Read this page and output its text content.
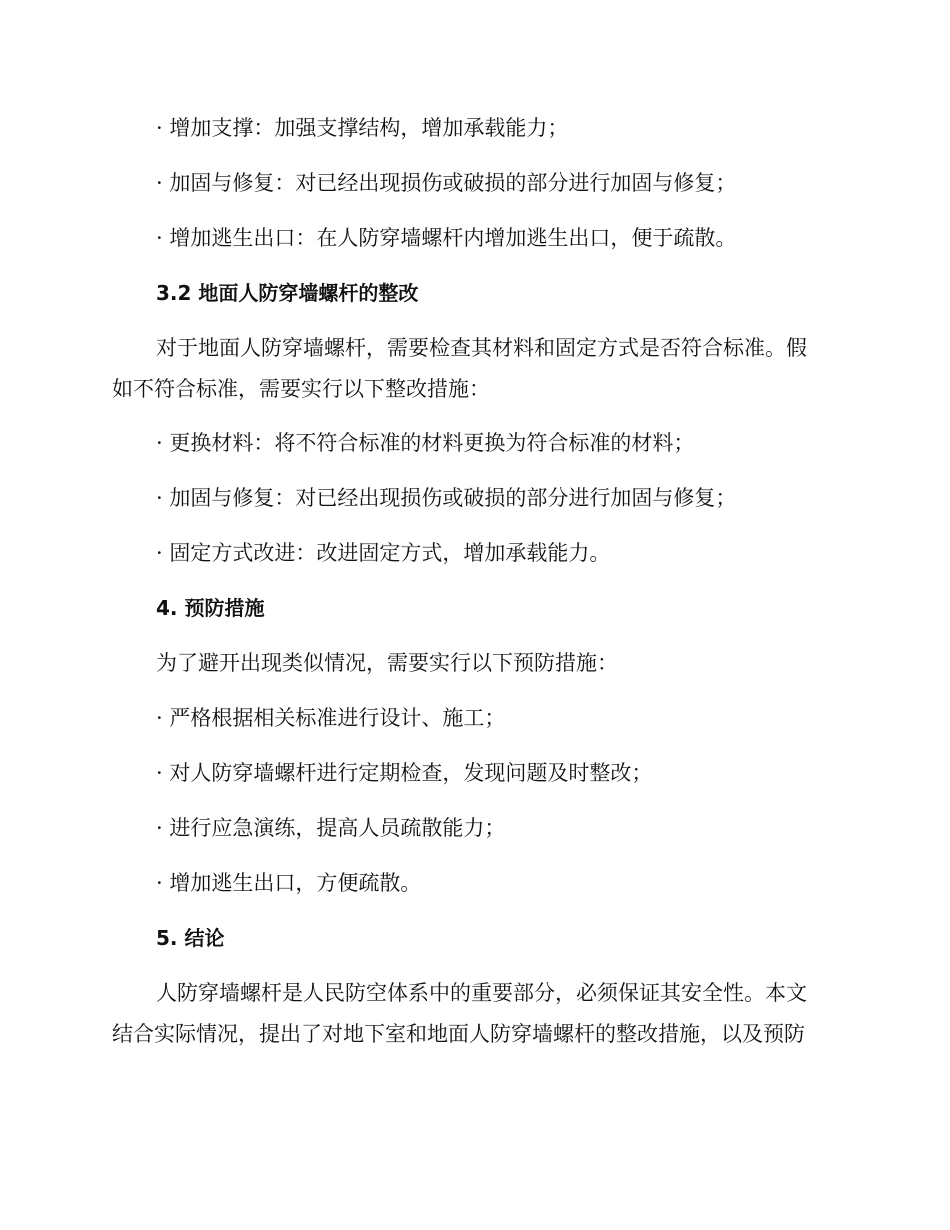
· 增加支撑：加强支撑结构，增加承载能力；
· 加固与修复：对已经出现损伤或破损的部分进行加固与修复；
· 增加逃生出口：在人防穿墙螺杆内增加逃生出口，便于疏散。
3.2 地面人防穿墙螺杆的整改
对于地面人防穿墙螺杆，需要检查其材料和固定方式是否符合标准。假
如不符合标准，需要实行以下整改措施：
· 更换材料：将不符合标准的材料更换为符合标准的材料；
· 加固与修复：对已经出现损伤或破损的部分进行加固与修复；
· 固定方式改进：改进固定方式，增加承载能力。
4. 预防措施
为了避开出现类似情况，需要实行以下预防措施：
· 严格根据相关标准进行设计、施工；
· 对人防穿墙螺杆进行定期检查，发现问题及时整改；
· 进行应急演练，提高人员疏散能力；
· 增加逃生出口，方便疏散。
5. 结论
人防穿墙螺杆是人民防空体系中的重要部分，必须保证其安全性。本文
结合实际情况，提出了对地下室和地面人防穿墙螺杆的整改措施，以及预防
